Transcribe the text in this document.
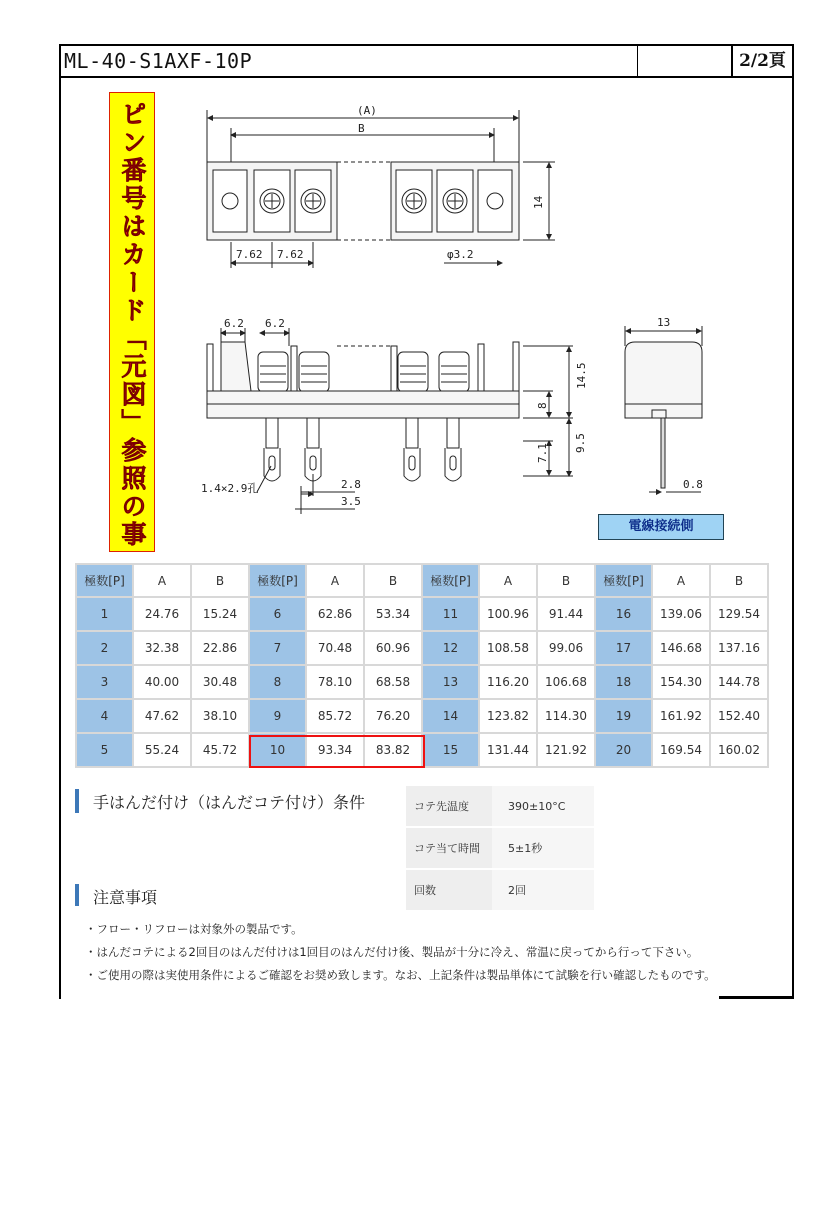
ML-40-S1AXF-10P	2/2頁
ピン番号はカード「元図」参照の事	(A)
B
14
7.62 7.62	φ3.2
6.2 6.2
14.5
8
9.5
7.1
1.4×2.9孔	2.8
3.5
13
0.8
電線接続側
極数[P]	A	B	極数[P]	A	B	極数[P]	A	B	極数[P]	A	B
1	24.76	15.24	6	62.86	53.34	11	100.96	91.44	16	139.06	129.54
2	32.38	22.86	7	70.48	60.96	12	108.58	99.06	17	146.68	137.16
3	40.00	30.48	8	78.10	68.58	13	116.20	106.68	18	154.30	144.78
4	47.62	38.10	9	85.72	76.20	14	123.82	114.30	19	161.92	152.40
5	55.24	45.72	10	93.34	83.82	15	131.44	121.92	20	169.54	160.02
手はんだ付け（はんだコテ付け）条件	コテ先温度	390±10°C
コテ当て時間	5±1秒
回数	2回
注意事項
・フロー・リフローは対象外の製品です。
・はんだコテによる2回目のはんだ付けは1回目のはんだ付け後、製品が十分に冷え、常温に戻ってから行って下さい。
・ご使用の際は実使用条件によるご確認をお奨め致します。なお、上記条件は製品単体にて試験を行い確認したものです。
